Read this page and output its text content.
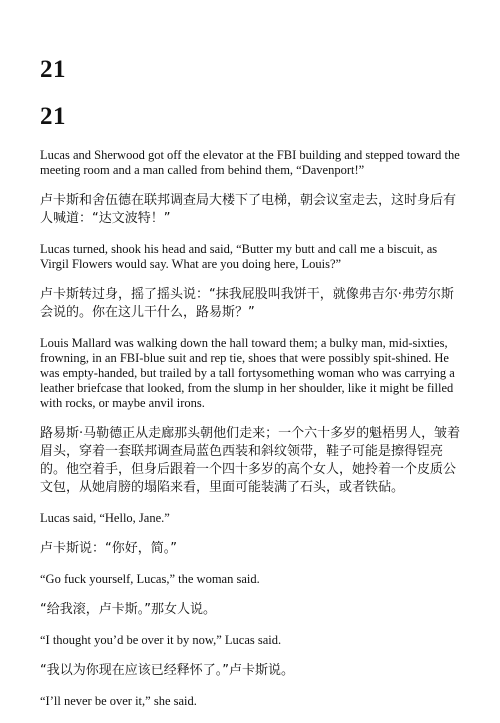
21
21

Lucas and Sherwood got off the elevator at the FBI building and stepped toward the meeting room and a man called from behind them, “Davenport!”

卢卡斯和舍伍德在联邦调查局大楼下了电梯，朝会议室走去，这时身后有人喊道：“达文波特！”

Lucas turned, shook his head and said, “Butter my butt and call me a biscuit, as Virgil Flowers would say. What are you doing here, Louis?”

卢卡斯转过身，摇了摇头说：“抹我屁股叫我饼干，就像弗吉尔·弗劳尔斯会说的。你在这儿干什么，路易斯？”

Louis Mallard was walking down the hall toward them; a bulky man, mid-sixties, frowning, in an FBI-blue suit and rep tie, shoes that were possibly spit-shined. He was empty-handed, but trailed by a tall fortysomething woman who was carrying a leather briefcase that looked, from the slump in her shoulder, like it might be filled with rocks, or maybe anvil irons.

路易斯·马勒德正从走廊那头朝他们走来；一个六十多岁的魁梧男人，皱着眉头，穿着一套联邦调查局蓝色西装和斜纹领带，鞋子可能是擦得锃亮的。他空着手，但身后跟着一个四十多岁的高个女人，她拎着一个皮质公文包，从她肩膀的塌陷来看，里面可能装满了石头，或者铁砧。

Lucas said, “Hello, Jane.”

卢卡斯说：“你好，简。”

“Go fuck yourself, Lucas,” the woman said.

“给我滚，卢卡斯。”那女人说。

“I thought you’d be over it by now,” Lucas said.

“我以为你现在应该已经释怀了。”卢卡斯说。

“I’ll never be over it,” she said.
